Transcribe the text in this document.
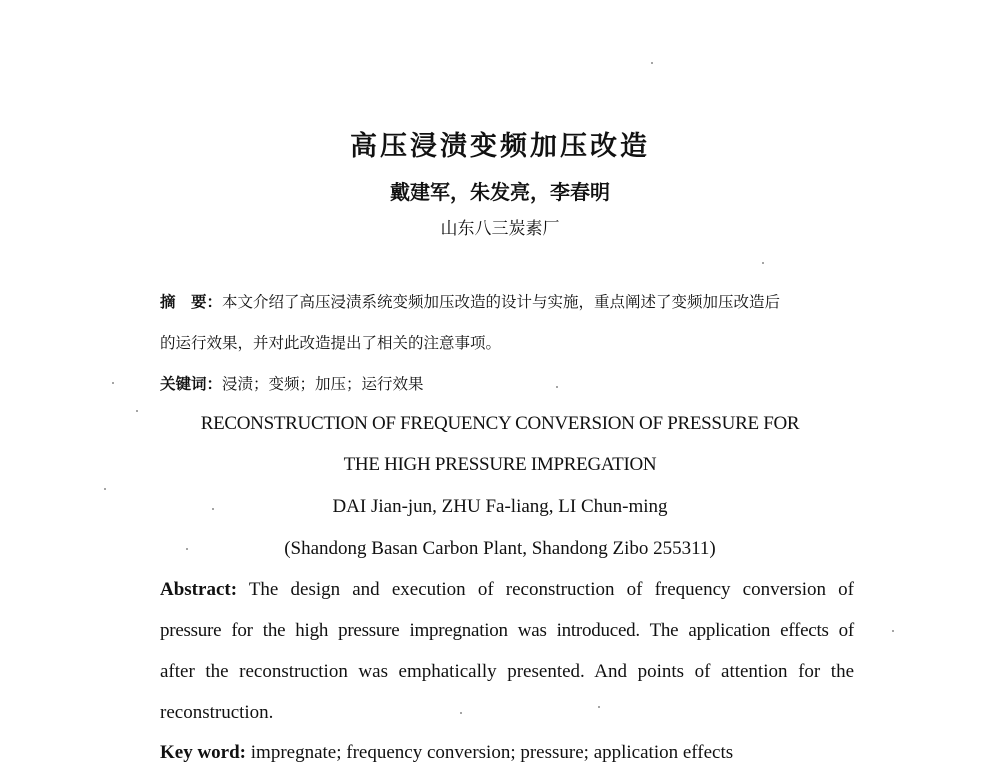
高压浸渍变频加压改造
戴建军，朱发亮，李春明
山东八三炭素厂
摘　要：本文介绍了高压浸渍系统变频加压改造的设计与实施，重点阐述了变频加压改造后
的运行效果，并对此改造提出了相关的注意事项。
关键词：浸渍；变频；加压；运行效果
RECONSTRUCTION OF FREQUENCY CONVERSION OF PRESSURE FOR
THE HIGH PRESSURE IMPREGATION
DAI Jian-jun, ZHU Fa-liang, LI Chun-ming
(Shandong Basan Carbon Plant, Shandong Zibo 255311)
Abstract: The design and execution of reconstruction of frequency conversion of
pressure for the high pressure impregnation was introduced. The application effects of
after the reconstruction was emphatically presented. And points of attention for the
reconstruction.
Key word: impregnate; frequency conversion; pressure; application effects
